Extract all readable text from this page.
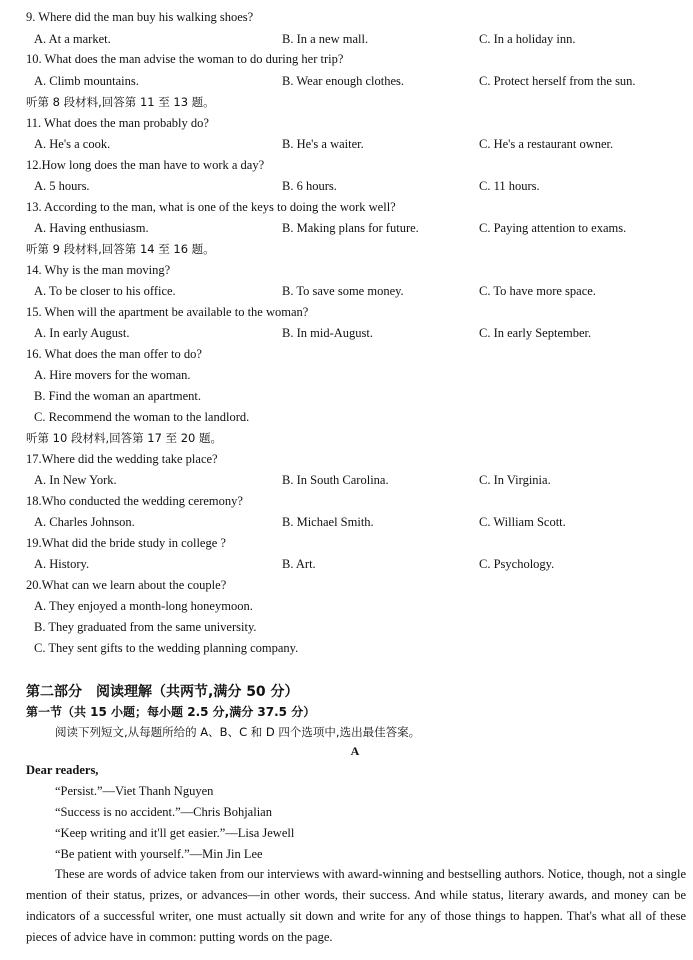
9. Where did the man buy his walking shoes?
A. At a market.	B. In a new mall.	C. In a holiday inn.
10. What does the man advise the woman to do during her trip?
A. Climb mountains.	B. Wear enough clothes.	C. Protect herself from the sun.
听第 8 段材料,回答第 11 至 13 题。
11. What does the man probably do?
A. He's a cook.	B. He's a waiter.	C. He's a restaurant owner.
12.How long does the man have to work a day?
A. 5 hours.	B. 6 hours.	C. 11 hours.
13. According to the man, what is one of the keys to doing the work well?
A. Having enthusiasm.	B. Making plans for future.	C. Paying attention to exams.
听第 9 段材料,回答第 14 至 16 题。
14. Why is the man moving?
A. To be closer to his office.	B. To save some money.	C. To have more space.
15. When will the apartment be available to the woman?
A. In early August.	B. In mid-August.	C. In early September.
16. What does the man offer to do?
A. Hire movers for the woman.
B. Find the woman an apartment.
C. Recommend the woman to the landlord.
听第 10 段材料,回答第 17 至 20 题。
17.Where did the wedding take place?
A. In New York.	B. In South Carolina.	C. In Virginia.
18.Who conducted the wedding ceremony?
A. Charles Johnson.	B. Michael Smith.	C. William Scott.
19.What did the bride study in college ?
A. History.	B. Art.	C. Psychology.
20.What can we learn about the couple?
A. They enjoyed a month-long honeymoon.
B. They graduated from the same university.
C. They sent gifts to the wedding planning company.
第二部分　阅读理解（共两节,满分 50 分）
第一节（共 15 小题；每小题 2.5 分,满分 37.5 分）
阅读下列短文,从每题所给的 A、B、C 和 D 四个选项中,选出最佳答案。
A
Dear readers,
“Persist.”—Viet Thanh Nguyen
“Success is no accident.”—Chris Bohjalian
“Keep writing and it'll get easier.”—Lisa Jewell
“Be patient with yourself.”—Min Jin Lee
These are words of advice taken from our interviews with award-winning and bestselling authors. Notice, though, not a single mention of their status, prizes, or advances—in other words, their success. And while status, literary awards, and money can be indicators of a successful writer, one must actually sit down and write for any of those things to happen. That's what all of these pieces of advice have in common: putting words on the page.
